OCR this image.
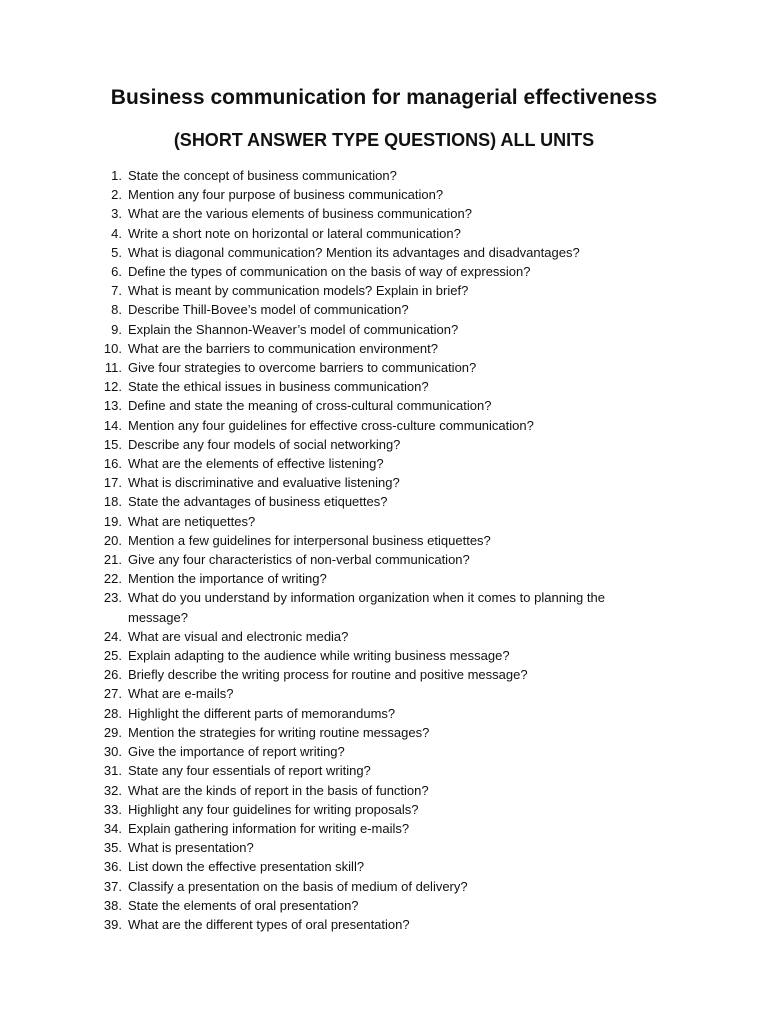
Business communication for managerial effectiveness
(SHORT ANSWER TYPE QUESTIONS) ALL UNITS
1. State the concept of business communication?
2. Mention any four purpose of business communication?
3. What are the various elements of business communication?
4. Write a short note on horizontal or lateral communication?
5. What is diagonal communication? Mention its advantages and disadvantages?
6. Define the types of communication on the basis of way of expression?
7. What is meant by communication models? Explain in brief?
8. Describe Thill-Bovee’s model of communication?
9. Explain the Shannon-Weaver’s model of communication?
10. What are the barriers to communication environment?
11. Give four strategies to overcome barriers to communication?
12. State the ethical issues in business communication?
13. Define and state the meaning of cross-cultural communication?
14. Mention any four guidelines for effective cross-culture communication?
15. Describe any four models of social networking?
16. What are the elements of effective listening?
17. What is discriminative and evaluative listening?
18. State the advantages of business etiquettes?
19. What are netiquettes?
20. Mention a few guidelines for interpersonal business etiquettes?
21. Give any four characteristics of non-verbal communication?
22. Mention the importance of writing?
23. What do you understand by information organization when it comes to planning the message?
24. What are visual and electronic media?
25. Explain adapting to the audience while writing business message?
26. Briefly describe the writing process for routine and positive message?
27. What are e-mails?
28. Highlight the different parts of memorandums?
29. Mention the strategies for writing routine messages?
30. Give the importance of report writing?
31. State any four essentials of report writing?
32. What are the kinds of report in the basis of function?
33. Highlight any four guidelines for writing proposals?
34. Explain gathering information for writing e-mails?
35. What is presentation?
36. List down the effective presentation skill?
37. Classify a presentation on the basis of medium of delivery?
38. State the elements of oral presentation?
39. What are the different types of oral presentation?
